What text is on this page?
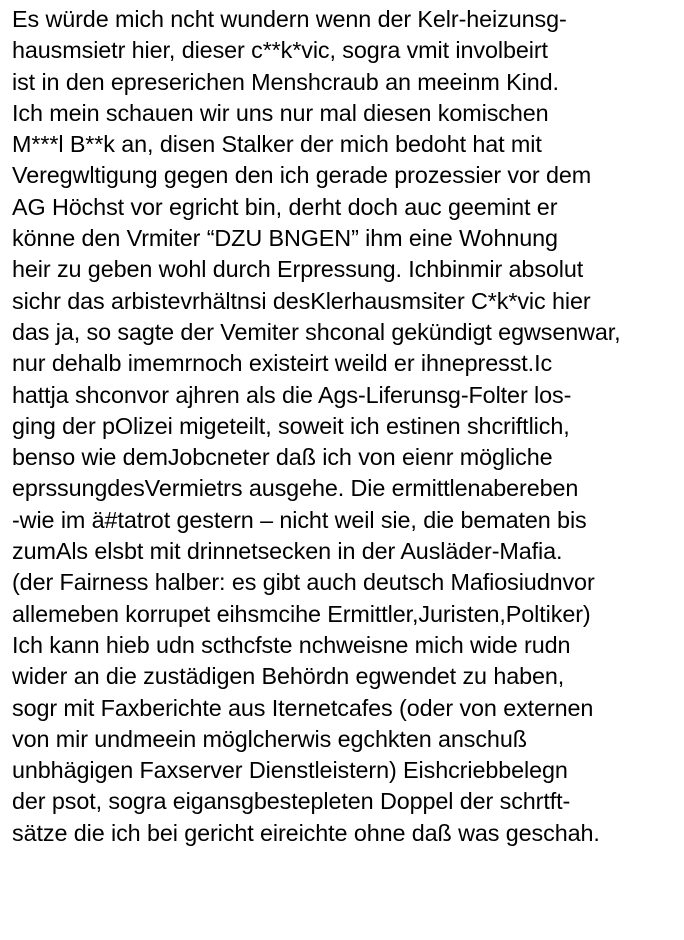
Es würde mich ncht wundern wenn der Kelr-heizunsg-
hausmsietr hier, dieser c**k*vic, sogra vmit involbeirt
ist in den epreserichen Menshcraub an meeinm Kind.
Ich mein schauen wir uns nur mal diesen komischen
M***l B**k an, disen Stalker der mich bedoht hat mit
Veregwltigung gegen den ich gerade prozessier vor dem
AG Höchst vor egricht bin, derht doch auc geemint er
könne den Vrmiter “DZU BNGEN” ihm eine Wohnung
heir zu geben wohl durch Erpressung. Ichbinmir absolut
sichr das arbistevrhältnsi desKlerhausmsiter C*k*vic hier
das ja, so sagte der Vemiter shconal gekündigt egwsenwar,
nur dehalb imemrnoch existeirt weild er ihnepresst.Ic
hattja shconvor ajhren als die Ags-Liferunsg-Folter los-
ging der pOlizei migeteilt, soweit ich estinen shcriftlich,
benso wie demJobcneter daß ich von eienr mögliche
eprssungdesVermietrs ausgehe. Die ermittlenabereben
-wie im ä#tatrot gestern – nicht weil sie, die bematen bis
zumAls elsbt mit drinnetsecken in der Ausläder-Mafia.
(der Fairness halber: es gibt auch deutsch Mafiosiudnvor
allemeben korrupet eihsmcihe Ermittler,Juristen,Poltiker)
Ich kann hieb udn scthcfste nchweisne mich wide rudn
wider an die zustädigen Behördn egwendet zu haben,
sogr mit Faxberichte aus Iternetcafes (oder von externen
von mir undmeein möglcherwis egchkten anschuß
unbhägigen Faxserver Dienstleistern) Eishcriebbelegn
der psot, sogra eigansgbestepleten Doppel der schrtft-
sätze die ich bei gericht eireichte ohne daß was geschah.
